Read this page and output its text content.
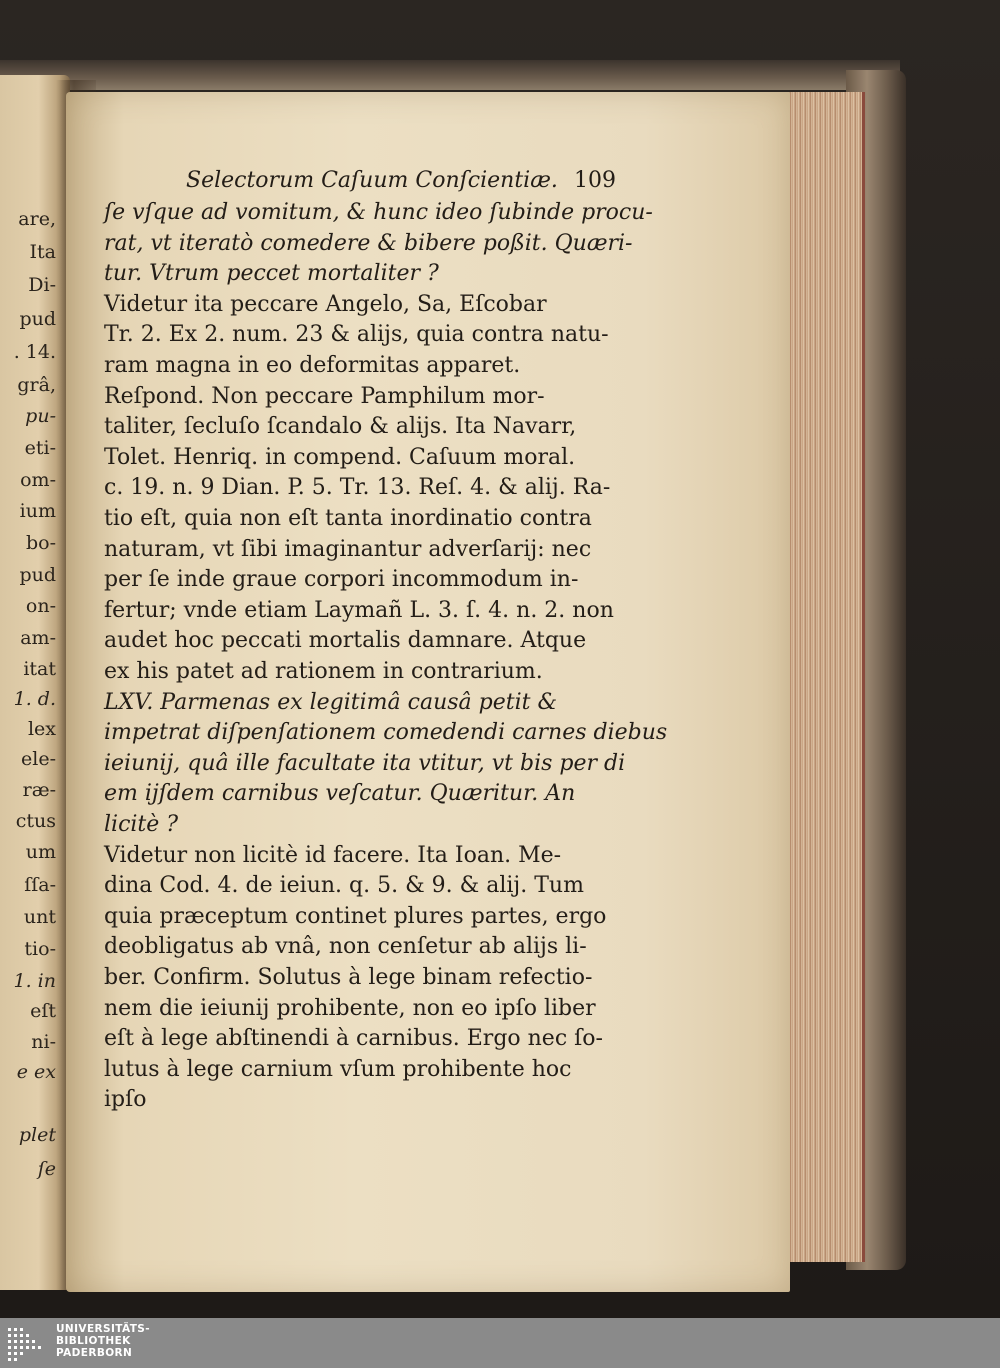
are,
Ita
Di-
pud
. 14.
grâ,
pu-
eti-
om-
ium
bo-
pud
on-
am-
itat
1. d.
lex
ele-
ræ-
ctus
um
ſſa-
unt
tio-
1. in
eſt
ni-
e ex
plet
ſe
Selectorum Caſuum Conſcientiæ. 109
ſe vſque ad vomitum, & hunc ideo ſubinde procu-
rat, vt iteratò comedere & bibere poßit. Quæri-
tur. Vtrum peccet mortaliter ?
Videtur ita peccare Angelo, Sa, Eſcobar
Tr. 2. Ex 2. num. 23 & alijs, quia contra natu-
ram magna in eo deformitas apparet.
Reſpond. Non peccare Pamphilum mor-
taliter, ſecluſo ſcandalo & alijs. Ita Navarr,
Tolet. Henriq. in compend. Caſuum moral.
c. 19. n. 9 Dian. P. 5. Tr. 13. Reſ. 4. & alij. Ra-
tio eſt, quia non eſt tanta inordinatio contra
naturam, vt ſibi imaginantur adverſarij: nec
per ſe inde graue corpori incommodum in-
fertur; vnde etiam Laymañ L. 3. ſ. 4. n. 2. non
audet hoc peccati mortalis damnare. Atque
ex his patet ad rationem in contrarium.
LXV. Parmenas ex legitimâ causâ petit &
impetrat diſpenſationem comedendi carnes diebus
ieiunij, quâ ille facultate ita vtitur, vt bis per di
em ijſdem carnibus veſcatur. Quæritur. An
licitè ?
Videtur non licitè id facere. Ita Ioan. Me-
dina Cod. 4. de ieiun. q. 5. & 9. & alij. Tum
quia præceptum continet plures partes, ergo
deobligatus ab vnâ, non cenſetur ab alijs li-
ber. Confirm. Solutus à lege binam refectio-
nem die ieiunij prohibente, non eo ipſo liber
eſt à lege abſtinendi à carnibus. Ergo nec ſo-
lutus à lege carnium vſum prohibente hoc
ipſo
UNIVERSITÄTS-
BIBLIOTHEK
PADERBORN
